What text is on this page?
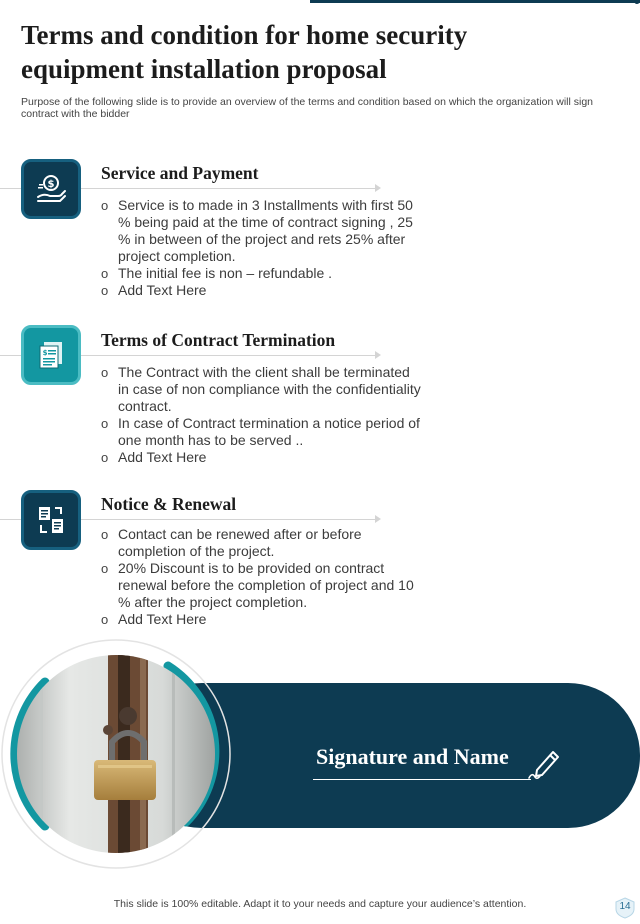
Terms and condition for home security equipment installation proposal

Purpose of the following slide is to provide an overview of the terms and condition based on which the organization will sign contract with the bidder

$
Service and Payment
o Service is to made in 3 Installments with first 50 % being paid at the time of contract signing , 25 % in between of the project and rets 25% after project completion.
o The initial fee is non – refundable .
o Add Text Here
$
Terms of Contract Termination
o The Contract with the client shall be terminated in case of non compliance with the confidentiality contract.
o In case of Contract termination a notice period of one month has to be served ..
o Add Text Here
Notice & Renewal
o Contact can be renewed after or before completion of the project.
o 20% Discount is to be provided on contract renewal before the completion of project and 10 % after the project completion.
o Add Text Here

Signature and Name

This slide is 100% editable. Adapt it to your needs and capture your audience’s attention.	14
